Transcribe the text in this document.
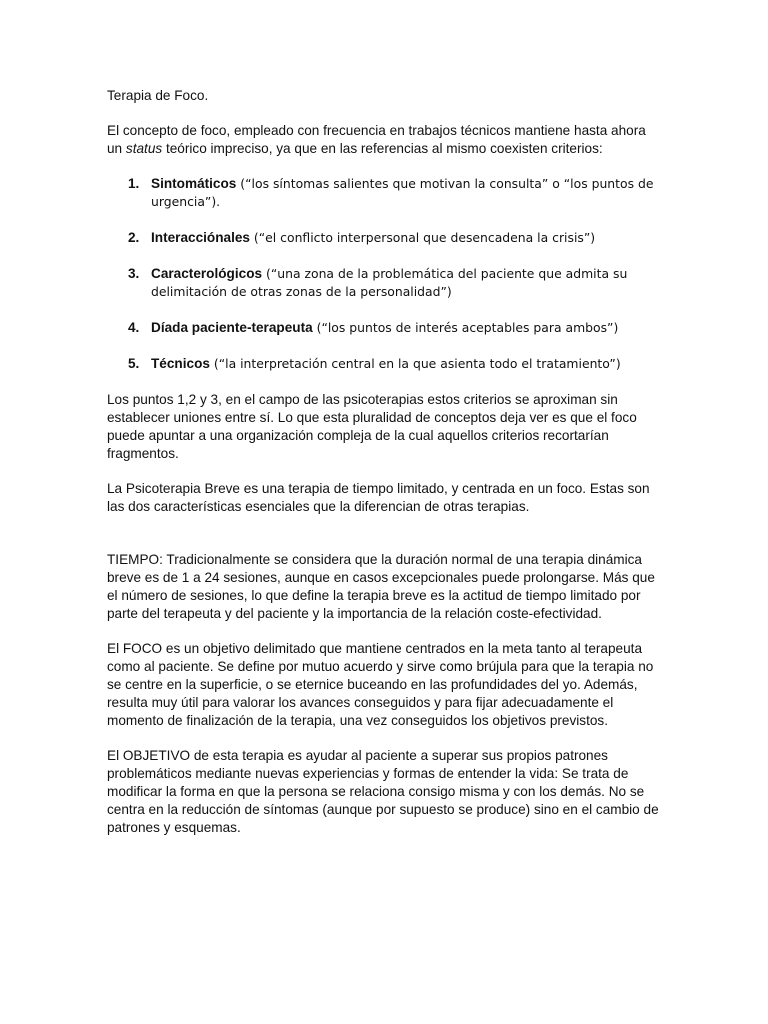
Terapia de Foco.

El concepto de foco, empleado con frecuencia en trabajos técnicos mantiene hasta ahora un status teórico impreciso, ya que en las referencias al mismo coexisten criterios:

1. Sintomáticos (“los síntomas salientes que motivan la consulta” o “los puntos de urgencia”).
2. Interacciónales (“el conflicto interpersonal que desencadena la crisis”)
3. Caracterológicos (“una zona de la problemática del paciente que admita su delimitación de otras zonas de la personalidad”)
4. Díada paciente-terapeuta (“los puntos de interés aceptables para ambos”)
5. Técnicos (“la interpretación central en la que asienta todo el tratamiento”)

Los puntos 1,2 y 3, en el campo de las psicoterapias estos criterios se aproximan sin establecer uniones entre sí. Lo que esta pluralidad de conceptos deja ver es que el foco puede apuntar a una organización compleja de la cual aquellos criterios recortarían fragmentos.

La Psicoterapia Breve es una terapia de tiempo limitado, y centrada en un foco. Estas son las dos características esenciales que la diferencian de otras terapias.

TIEMPO: Tradicionalmente se considera que la duración normal de una terapia dinámica breve es de 1 a 24 sesiones, aunque en casos excepcionales puede prolongarse. Más que el número de sesiones, lo que define la terapia breve es la actitud de tiempo limitado por parte del terapeuta y del paciente y la importancia de la relación coste-efectividad.

El FOCO es un objetivo delimitado que mantiene centrados en la meta tanto al terapeuta como al paciente. Se define por mutuo acuerdo y sirve como brújula para que la terapia no se centre en la superficie, o se eternice buceando en las profundidades del yo. Además, resulta muy útil para valorar los avances conseguidos y para fijar adecuadamente el momento de finalización de la terapia, una vez conseguidos los objetivos previstos.

El OBJETIVO de esta terapia es ayudar al paciente a superar sus propios patrones problemáticos mediante nuevas experiencias y formas de entender la vida: Se trata de modificar la forma en que la persona se relaciona consigo misma y con los demás. No se centra en la reducción de síntomas (aunque por supuesto se produce) sino en el cambio de patrones y esquemas.
